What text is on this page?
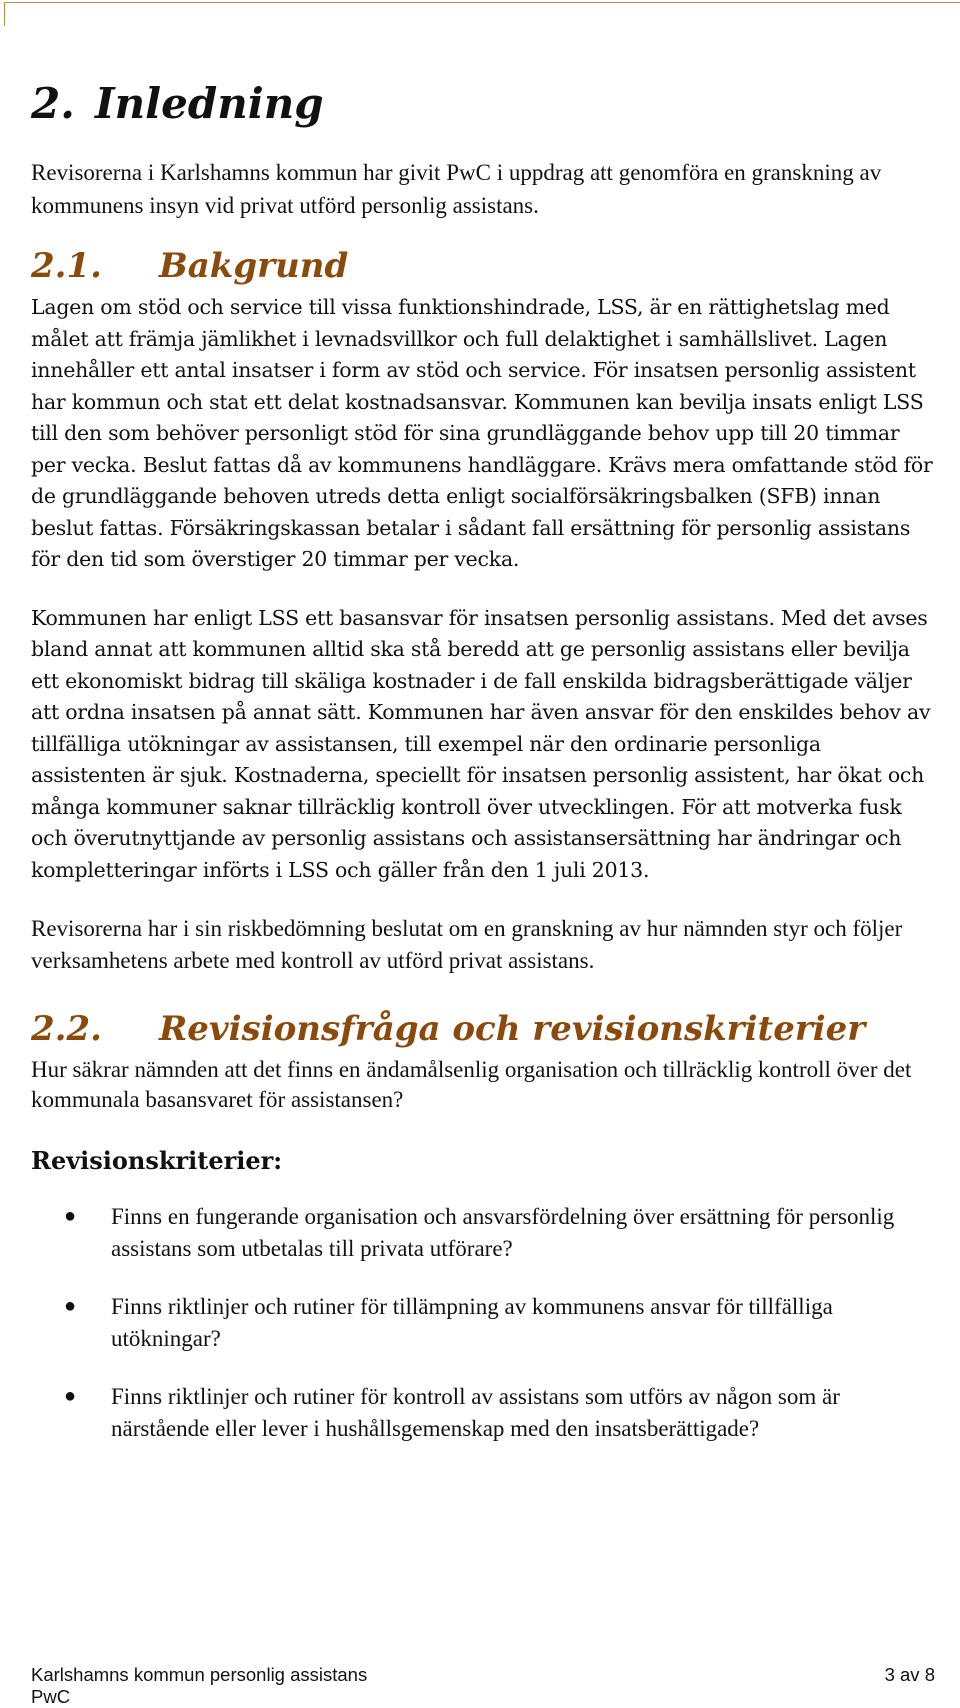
2. Inledning

Revisorerna i Karlshamns kommun har givit PwC i uppdrag att genomföra en granskning av kommunens insyn vid privat utförd personlig assistans.

2.1. Bakgrund

Lagen om stöd och service till vissa funktionshindrade, LSS, är en rättighetslag med målet att främja jämlikhet i levnadsvillkor och full delaktighet i samhällslivet. Lagen innehåller ett antal insatser i form av stöd och service. För insatsen personlig assistent har kommun och stat ett delat kostnadsansvar. Kommunen kan bevilja insats enligt LSS till den som behöver personligt stöd för sina grundläggande behov upp till 20 timmar per vecka. Beslut fattas då av kommunens handläggare. Krävs mera omfattande stöd för de grundläggande behoven utreds detta enligt socialförsäkringsbalken (SFB) innan beslut fattas. Försäkringskassan betalar i sådant fall ersättning för personlig assistans för den tid som överstiger 20 timmar per vecka.

Kommunen har enligt LSS ett basansvar för insatsen personlig assistans. Med det avses bland annat att kommunen alltid ska stå beredd att ge personlig assistans eller bevilja ett ekonomiskt bidrag till skäliga kostnader i de fall enskilda bidragsberättigade väljer att ordna insatsen på annat sätt. Kommunen har även ansvar för den enskildes behov av tillfälliga utökningar av assistansen, till exempel när den ordinarie personliga assistenten är sjuk. Kostnaderna, speciellt för insatsen personlig assistent, har ökat och många kommuner saknar tillräcklig kontroll över utvecklingen. För att motverka fusk och överutnyttjande av personlig assistans och assistansersättning har ändringar och kompletteringar införts i LSS och gäller från den 1 juli 2013.

Revisorerna har i sin riskbedömning beslutat om en granskning av hur nämnden styr och följer verksamhetens arbete med kontroll av utförd privat assistans.

2.2. Revisionsfråga och revisionskriterier

Hur säkrar nämnden att det finns en ändamålsenlig organisation och tillräcklig kontroll över det kommunala basansvaret för assistansen?

Revisionskriterier:
● Finns en fungerande organisation och ansvarsfördelning över ersättning för personlig assistans som utbetalas till privata utförare?
● Finns riktlinjer och rutiner för tillämpning av kommunens ansvar för tillfälliga utökningar?
● Finns riktlinjer och rutiner för kontroll av assistans som utförs av någon som är närstående eller lever i hushållsgemenskap med den insatsberättigade?
Karlshamns kommun personlig assistans
PwC
3 av 8
